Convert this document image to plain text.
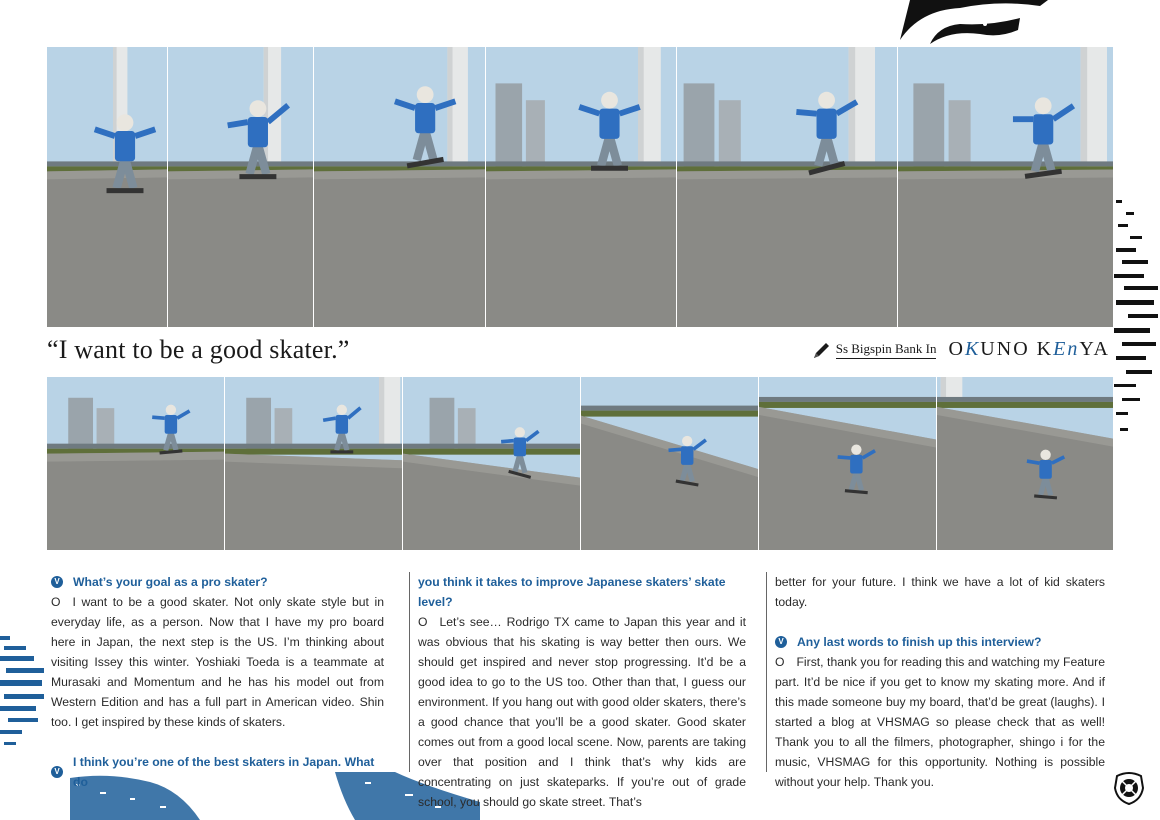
“I want to be a good skater.”	Ss Bigspin Bank In OKUNO KEnYA
V What’s your goal as a pro skater?
O I want to be a good skater. Not only skate style but in everyday life, as a person. Now that I have my pro board here in Japan, the next step is the US. I’m thinking about visiting Issey this winter. Yoshiaki Toeda is a teammate at Murasaki and Momentum and he has his model out from Western Edition and has a full part in American video. Shin too. I get inspired by these kinds of skaters.
V
I think you’re one of the best skaters in Japan. What do
you think it takes to improve Japanese skaters’ skate level?
O Let’s see… Rodrigo TX came to Japan this year and it was obvious that his skating is way better then ours. We should get inspired and never stop progressing. It’d be a good idea to go to the US too. Other than that, I guess our environment. If you hang out with good older skaters, there’s a good chance that you’ll be a good skater. Good skater comes out from a good local scene. Now, parents are taking over that position and I think that’s why kids are concentrating on just skateparks. If you’re out of grade school, you should go skate street. That’s
better for your future. I think we have a lot of kid skaters today.
V Any last words to finish up this interview?
O First, thank you for reading this and watching my Feature part. It’d be nice if you get to know my skating more. And if this made someone buy my board, that’d be great (laughs). I started a blog at VHSMAG so please check that as well! Thank you to all the filmers, photographer, shingo i for the music, VHSMAG for this opportunity. Nothing is possible without your help. Thank you.
